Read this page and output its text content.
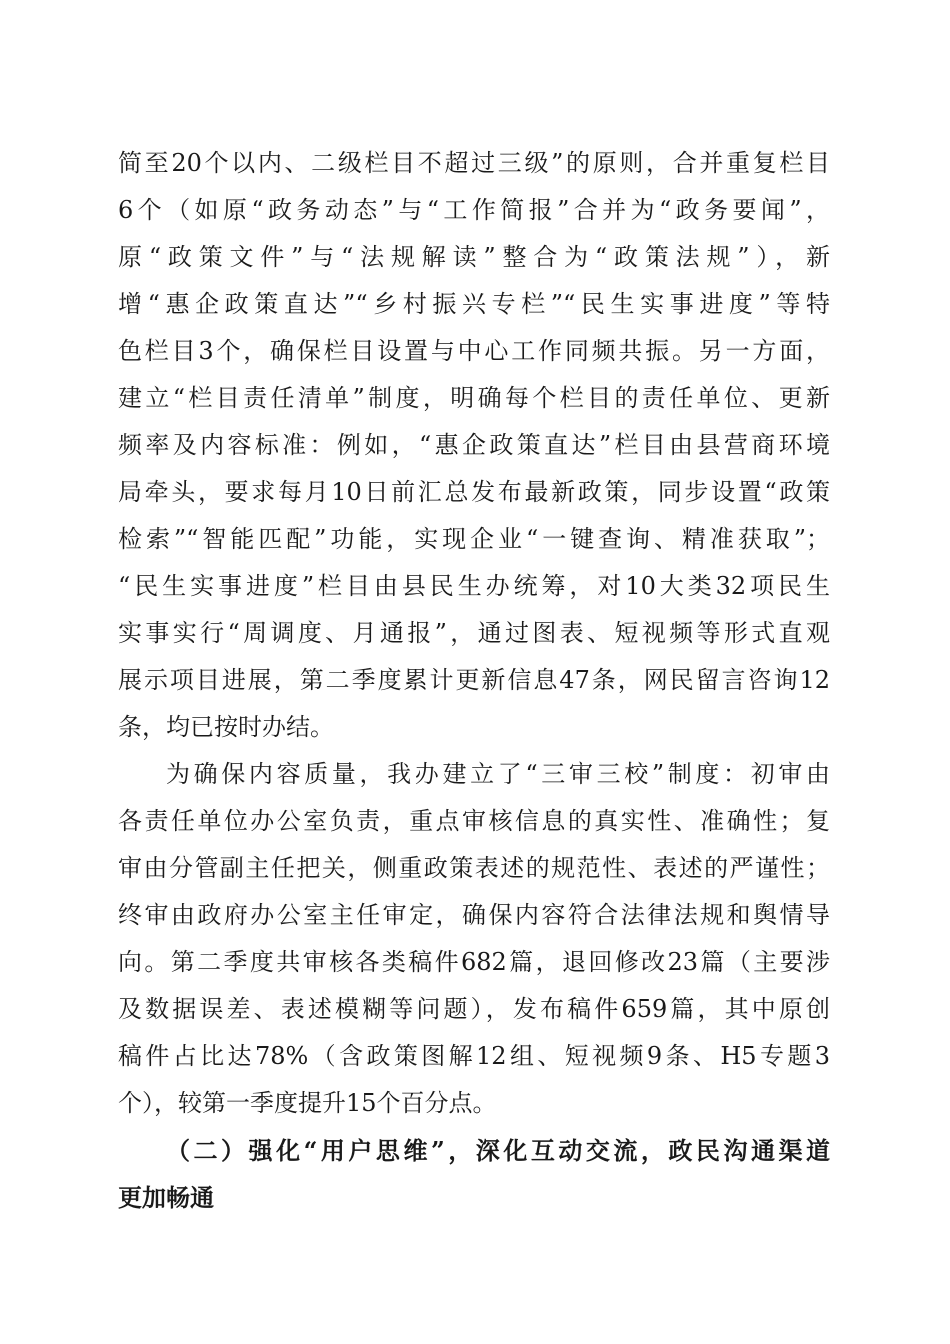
简至20个以内、二级栏目不超过三级”的原则，合并重复栏目
6个（如原“政务动态”与“工作简报”合并为“政务要闻”，
原“政策文件”与“法规解读”整合为“政策法规”），新
增“惠企政策直达”“乡村振兴专栏”“民生实事进度”等特
色栏目3个，确保栏目设置与中心工作同频共振。另一方面，
建立“栏目责任清单”制度，明确每个栏目的责任单位、更新
频率及内容标准：例如，“惠企政策直达”栏目由县营商环境
局牵头，要求每月10日前汇总发布最新政策，同步设置“政策
检索”“智能匹配”功能，实现企业“一键查询、精准获取”；
“民生实事进度”栏目由县民生办统筹，对10大类32项民生
实事实行“周调度、月通报”，通过图表、短视频等形式直观
展示项目进展，第二季度累计更新信息47条，网民留言咨询12
条，均已按时办结。
为确保内容质量，我办建立了“三审三校”制度：初审由
各责任单位办公室负责，重点审核信息的真实性、准确性；复
审由分管副主任把关，侧重政策表述的规范性、表述的严谨性；
终审由政府办公室主任审定，确保内容符合法律法规和舆情导
向。第二季度共审核各类稿件682篇，退回修改23篇（主要涉
及数据误差、表述模糊等问题），发布稿件659篇，其中原创
稿件占比达78%（含政策图解12组、短视频9条、H5专题3
个），较第一季度提升15个百分点。
（二）强化“用户思维”，深化互动交流，政民沟通渠道
更加畅通
